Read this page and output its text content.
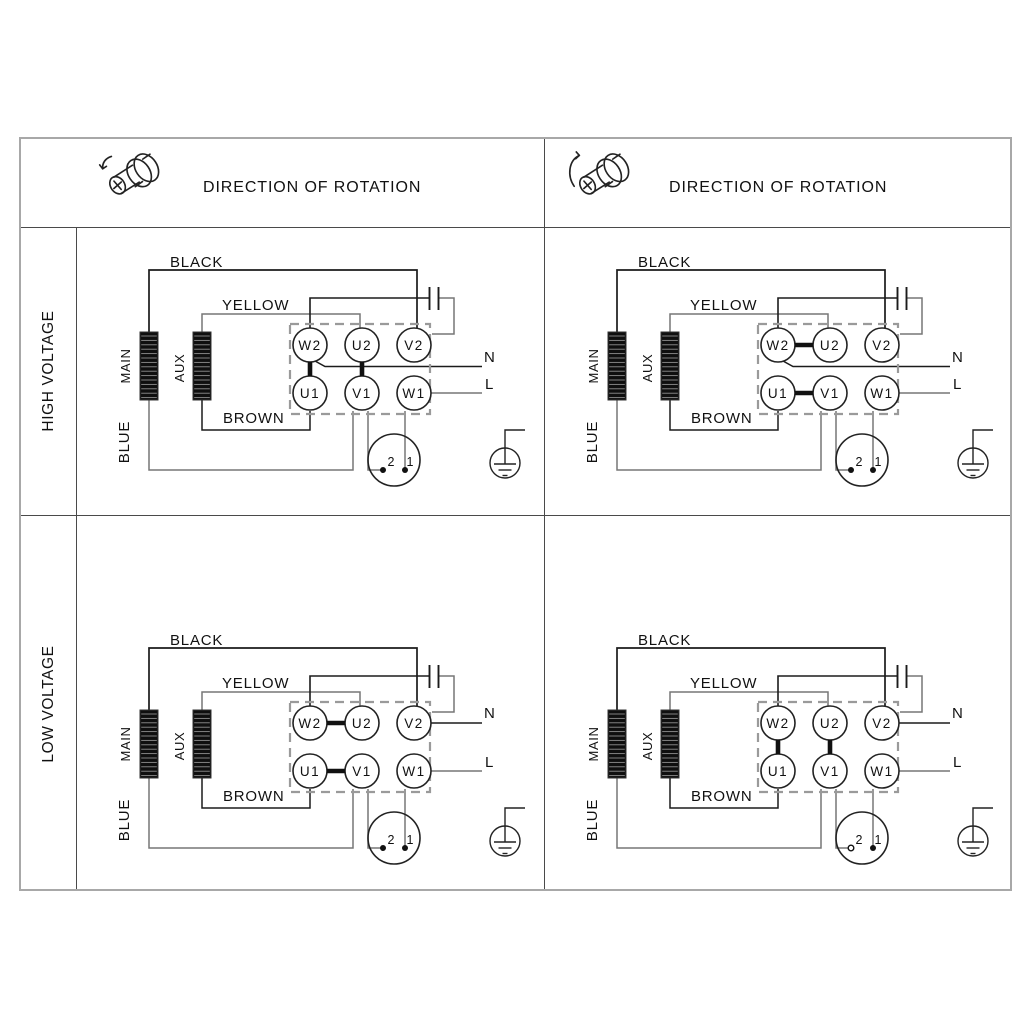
DIRECTION OF ROTATION	DIRECTION OF ROTATION
HIGH VOLTAGE
LOW VOLTAGE
N
L
W2 U2 V2
U1 V1 W1
2 1
BLACK
YELLOW
BROWN
BLUE
MAIN	AUX	N
L
W2 U2 V2
U1 V1 W1
2 1
BLACK
YELLOW
BROWN
BLUE
MAIN	AUX
N
L
W2 U2 V2
U1 V1 W1
2 1
BLACK
YELLOW
BROWN
BLUE
MAIN	AUX
N
L
W2 U2 V2
U1 V1 W1
2 1
BLACK
YELLOW
BROWN
BLUE
MAIN	AUX
